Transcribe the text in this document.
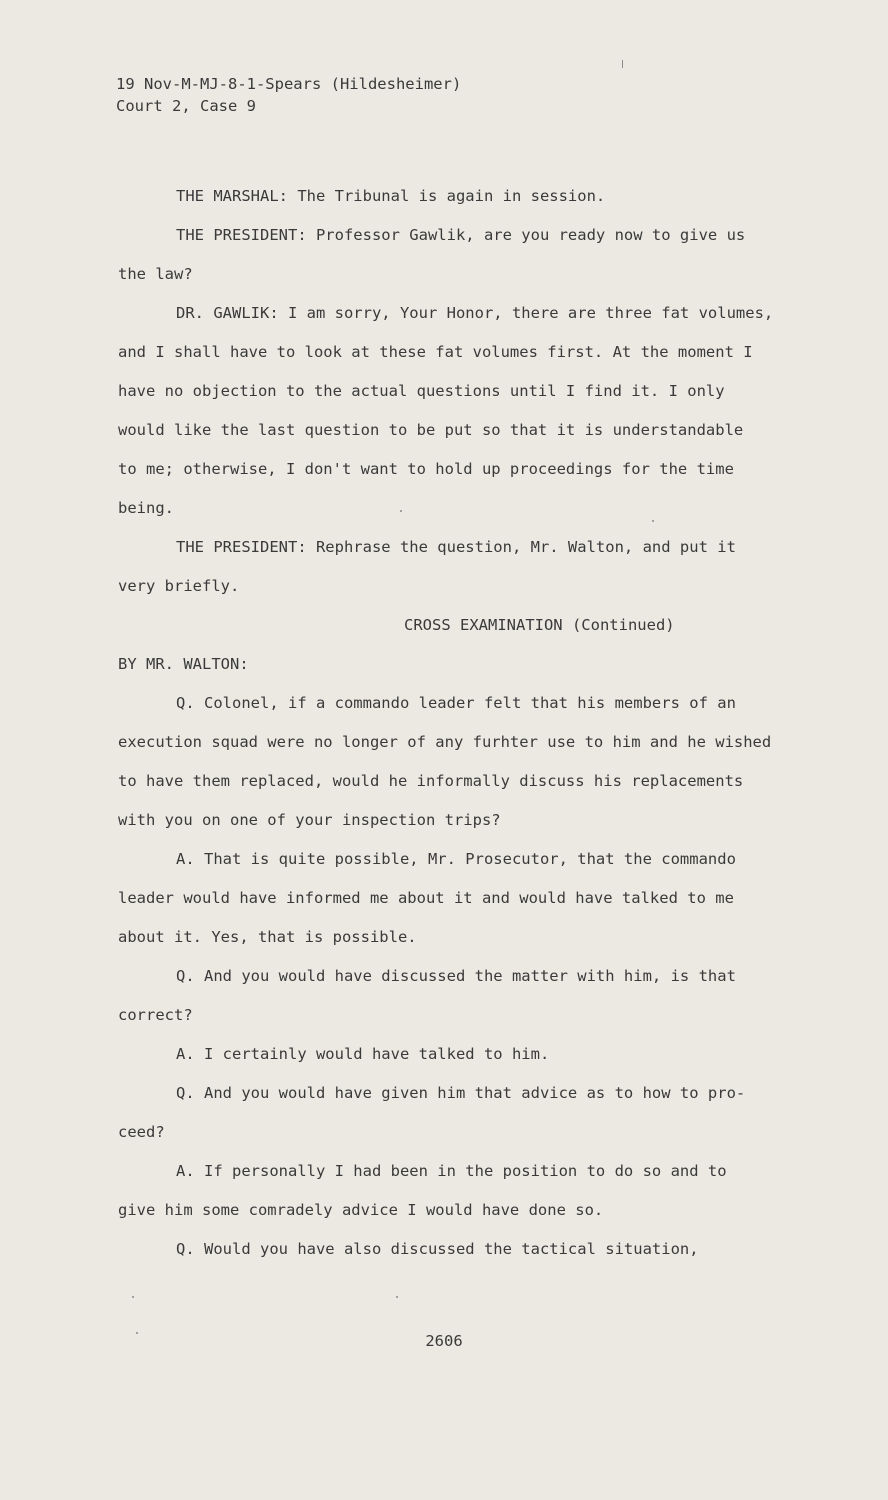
19 Nov-M-MJ-8-1-Spears (Hildesheimer)
Court 2, Case 9
THE MARSHAL: The Tribunal is again in session.
THE PRESIDENT: Professor Gawlik, are you ready now to give us
the law?
DR. GAWLIK: I am sorry, Your Honor, there are three fat volumes,
and I shall have to look at these fat volumes first. At the moment I
have no objection to the actual questions until I find it. I only
would like the last question to be put so that it is understandable
to me; otherwise, I don't want to hold up proceedings for the time
being.
THE PRESIDENT: Rephrase the question, Mr. Walton, and put it
very briefly.
CROSS EXAMINATION (Continued)
BY MR. WALTON:
Q. Colonel, if a commando leader felt that his members of an
execution squad were no longer of any furhter use to him and he wished
to have them replaced, would he informally discuss his replacements
with you on one of your inspection trips?
A. That is quite possible, Mr. Prosecutor, that the commando
leader would have informed me about it and would have talked to me
about it. Yes, that is possible.
Q. And you would have discussed the matter with him, is that
correct?
A. I certainly would have talked to him.
Q. And you would have given him that advice as to how to pro-
ceed?
A. If personally I had been in the position to do so and to
give him some comradely advice I would have done so.
Q. Would you have also discussed the tactical situation,
2606
